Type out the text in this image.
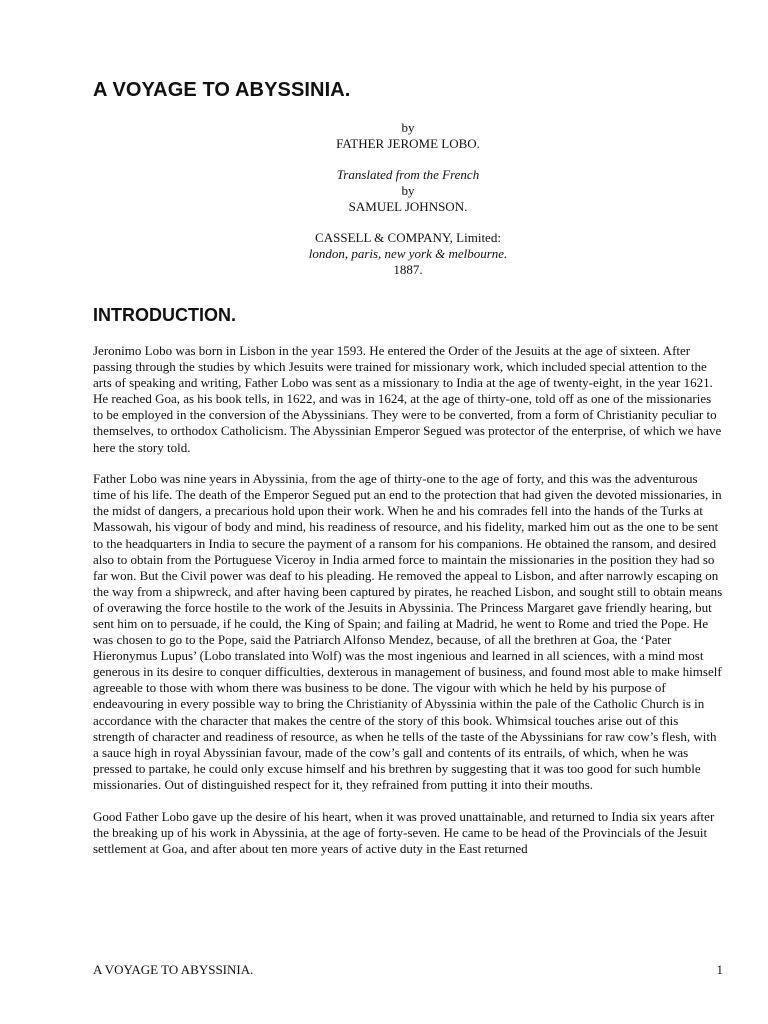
A VOYAGE TO ABYSSINIA.
by
FATHER JEROME LOBO.
Translated from the French
by
SAMUEL JOHNSON.
CASSELL & COMPANY, Limited:
london, paris, new york & melbourne.
1887.
INTRODUCTION.

Jeronimo Lobo was born in Lisbon in the year 1593. He entered the Order of the Jesuits at the age of sixteen. After passing through the studies by which Jesuits were trained for missionary work, which included special attention to the arts of speaking and writing, Father Lobo was sent as a missionary to India at the age of twenty-eight, in the year 1621. He reached Goa, as his book tells, in 1622, and was in 1624, at the age of thirty-one, told off as one of the missionaries to be employed in the conversion of the Abyssinians. They were to be converted, from a form of Christianity peculiar to themselves, to orthodox Catholicism. The Abyssinian Emperor Segued was protector of the enterprise, of which we have here the story told.

Father Lobo was nine years in Abyssinia, from the age of thirty-one to the age of forty, and this was the adventurous time of his life. The death of the Emperor Segued put an end to the protection that had given the devoted missionaries, in the midst of dangers, a precarious hold upon their work. When he and his comrades fell into the hands of the Turks at Massowah, his vigour of body and mind, his readiness of resource, and his fidelity, marked him out as the one to be sent to the headquarters in India to secure the payment of a ransom for his companions. He obtained the ransom, and desired also to obtain from the Portuguese Viceroy in India armed force to maintain the missionaries in the position they had so far won. But the Civil power was deaf to his pleading. He removed the appeal to Lisbon, and after narrowly escaping on the way from a shipwreck, and after having been captured by pirates, he reached Lisbon, and sought still to obtain means of overawing the force hostile to the work of the Jesuits in Abyssinia. The Princess Margaret gave friendly hearing, but sent him on to persuade, if he could, the King of Spain; and failing at Madrid, he went to Rome and tried the Pope. He was chosen to go to the Pope, said the Patriarch Alfonso Mendez, because, of all the brethren at Goa, the ‘Pater Hieronymus Lupus’ (Lobo translated into Wolf) was the most ingenious and learned in all sciences, with a mind most generous in its desire to conquer difficulties, dexterous in management of business, and found most able to make himself agreeable to those with whom there was business to be done. The vigour with which he held by his purpose of endeavouring in every possible way to bring the Christianity of Abyssinia within the pale of the Catholic Church is in accordance with the character that makes the centre of the story of this book. Whimsical touches arise out of this strength of character and readiness of resource, as when he tells of the taste of the Abyssinians for raw cow’s flesh, with a sauce high in royal Abyssinian favour, made of the cow’s gall and contents of its entrails, of which, when he was pressed to partake, he could only excuse himself and his brethren by suggesting that it was too good for such humble missionaries. Out of distinguished respect for it, they refrained from putting it into their mouths.

Good Father Lobo gave up the desire of his heart, when it was proved unattainable, and returned to India six years after the breaking up of his work in Abyssinia, at the age of forty-seven. He came to be head of the Provincials of the Jesuit settlement at Goa, and after about ten more years of active duty in the East returned

A VOYAGE TO ABYSSINIA.	1
